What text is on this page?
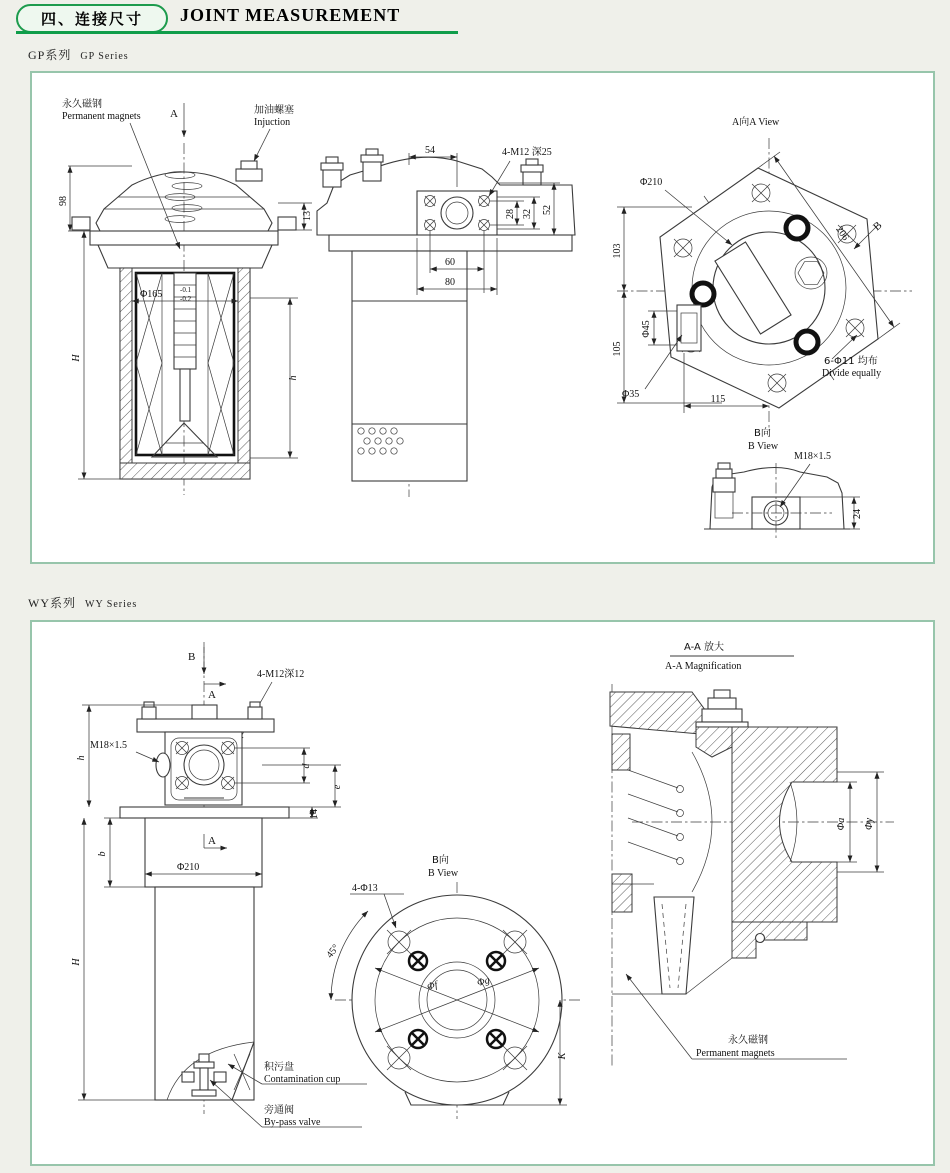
四、连接尺寸	JOINT MEASUREMENT
GP系列 GP Series
A
永久磁钢
Permanent magnets
加油螺塞
Injuction
98
13
H
h
Φ165	-0.1
-0.2
54	4-M12 深25
28 32 52
60
80
A向A View
Φ210
206
103
105
Φ45
Φ35	115
B
6-Φ11 均布
Divide equally
B向
B View
M18×1.5
24
WY系列 WY Series
B
A
4-M12深12
M18×1.5
h
d
e
14
b
Φ210
A
H
积污盘
Contamination cup
旁通阀
By-pass valve
B向
B View
45°
4-Φ13
Φf	Φg
K
A-A 放大
A-A Magnification
Φa Φy
永久磁钢
Permanent magnets
